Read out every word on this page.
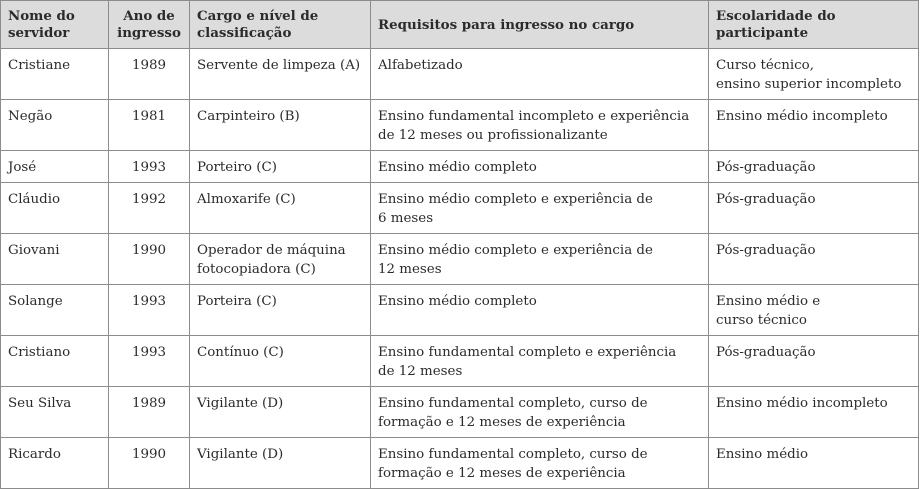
Nome do
servidor	Ano de
ingresso	Cargo e nível de
classificação	Requisitos para ingresso no cargo	Escolaridade do
participante
Cristiane	1989	Servente de limpeza (A)	Alfabetizado	Curso técnico,
ensino superior incompleto
Negão	1981	Carpinteiro (B)	Ensino fundamental incompleto e experiência
de 12 meses ou profissionalizante	Ensino médio incompleto
José	1993	Porteiro (C)	Ensino médio completo	Pós-graduação
Cláudio	1992	Almoxarife (C)	Ensino médio completo e experiência de
6 meses	Pós-graduação
Giovani	1990	Operador de máquina
fotocopiadora (C)	Ensino médio completo e experiência de
12 meses	Pós-graduação
Solange	1993	Porteira (C)	Ensino médio completo	Ensino médio e
curso técnico
Cristiano	1993	Contínuo (C)	Ensino fundamental completo e experiência
de 12 meses	Pós-graduação
Seu Silva	1989	Vigilante (D)	Ensino fundamental completo, curso de
formação e 12 meses de experiência	Ensino médio incompleto
Ricardo	1990	Vigilante (D)	Ensino fundamental completo, curso de
formação e 12 meses de experiência	Ensino médio
